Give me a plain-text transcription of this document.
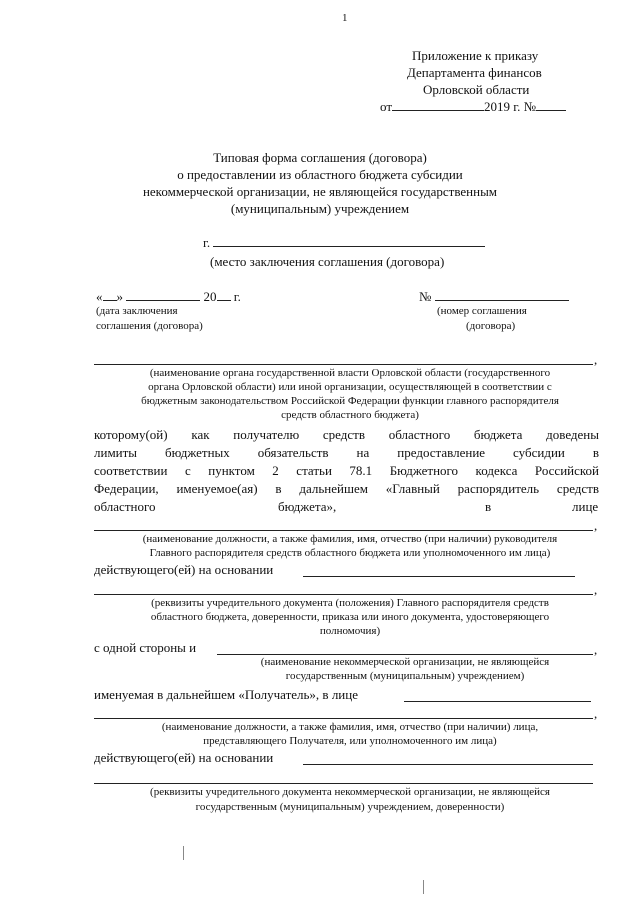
1
Приложение к приказу
Департамента финансов
Орловской области
от	2019 г. №
Типовая форма соглашения (договора)
о предоставлении из областного бюджета субсидии
некоммерческой организации, не являющейся государственным
(муниципальным) учреждением
г.
(место заключения соглашения (договора)
« »	20 г.
(дата заключения
соглашения (договора)
№
(номер соглашения
(договора)
,
(наименование органа государственной власти Орловской области (государственного
органа Орловской области) или иной организации, осуществляющей в соответствии с
бюджетным законодательством Российской Федерации функции главного распорядителя
средств областного бюджета)
которому(ой) как получателю средств областного бюджета доведены
лимиты бюджетных обязательств на предоставление субсидии в
соответствии с пунктом 2 статьи 78.1 Бюджетного кодекса Российской
Федерации, именуемое(ая) в дальнейшем «Главный распорядитель средств
областного	бюджета»,	в	лице
,
(наименование должности, а также фамилия, имя, отчество (при наличии) руководителя
Главного распорядителя средств областного бюджета или уполномоченного им лица)
действующего(ей) на основании
,
(реквизиты учредительного документа (положения) Главного распорядителя средств
областного бюджета, доверенности, приказа или иного документа, удостоверяющего
полномочия)
с одной стороны и	,
(наименование некоммерческой организации, не являющейся
государственным (муниципальным) учреждением)
именуемая в дальнейшем «Получатель», в лице
,
(наименование должности, а также фамилия, имя, отчество (при наличии) лица,
представляющего Получателя, или уполномоченного им лица)
действующего(ей) на основании
(реквизиты учредительного документа некоммерческой организации, не являющейся
государственным (муниципальным) учреждением, доверенности)
